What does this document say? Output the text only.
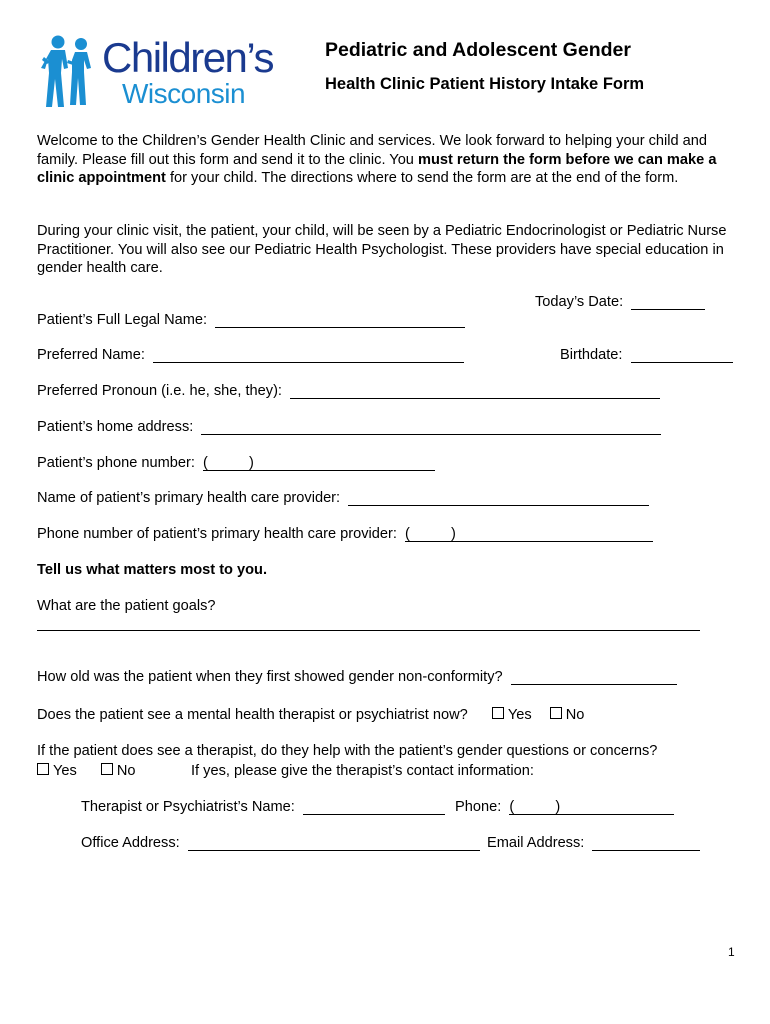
Children’s
Wisconsin
Pediatric and Adolescent Gender
Health Clinic Patient History Intake Form
Welcome to the Children’s Gender Health Clinic and services. We look forward to helping your child and family. Please fill out this form and send it to the clinic. You must return the form before we can make a clinic appointment for your child. The directions where to send the form are at the end of the form.
During your clinic visit, the patient, your child, will be seen by a Pediatric Endocrinologist or Pediatric Nurse Practitioner. You will also see our Pediatric Health Psychologist. These providers have special education in gender health care.
Today’s Date:
Patient’s Full Legal Name:
Preferred Name:	Birthdate:
Preferred Pronoun (i.e. he, she, they):
Patient’s home address:
Patient’s phone number: (	)
Name of patient’s primary health care provider:
Phone number of patient’s primary health care provider: (	)
Tell us what matters most to you.
What are the patient goals?
How old was the patient when they first showed gender non-conformity?
Does the patient see a mental health therapist or psychiatrist now?	Yes No
If the patient does see a therapist, do they help with the patient’s gender questions or concerns?
Yes	No	If yes, please give the therapist’s contact information:
Therapist or Psychiatrist’s Name:	Phone: (	)
Office Address:	Email Address:
1
